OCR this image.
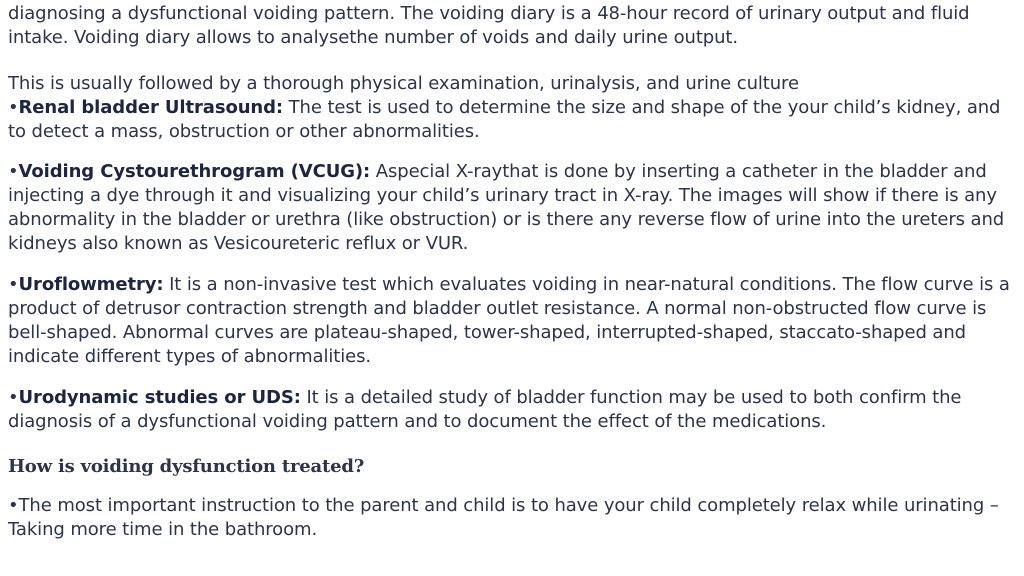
diagnosing a dysfunctional voiding pattern. The voiding diary is a 48-hour record of urinary output and fluid intake. Voiding diary allows to analysethe number of voids and daily urine output.

This is usually followed by a thorough physical examination, urinalysis, and urine culture

•Renal bladder Ultrasound: The test is used to determine the size and shape of the your child’s kidney, and to detect a mass, obstruction or other abnormalities.

•Voiding Cystourethrogram (VCUG): Aspecial X-raythat is done by inserting a catheter in the bladder and injecting a dye through it and visualizing your child’s urinary tract in X-ray. The images will show if there is any abnormality in the bladder or urethra (like obstruction) or is there any reverse flow of urine into the ureters and kidneys also known as Vesicoureteric reflux or VUR.

•Uroflowmetry: It is a non-invasive test which evaluates voiding in near-natural conditions. The flow curve is a product of detrusor contraction strength and bladder outlet resistance. A normal non-obstructed flow curve is bell-shaped. Abnormal curves are plateau-shaped, tower-shaped, interrupted-shaped, staccato-shaped and indicate different types of abnormalities.

•Urodynamic studies or UDS: It is a detailed study of bladder function may be used to both confirm the diagnosis of a dysfunctional voiding pattern and to document the effect of the medications.

How is voiding dysfunction treated?

•The most important instruction to the parent and child is to have your child completely relax while urinating – Taking more time in the bathroom.
